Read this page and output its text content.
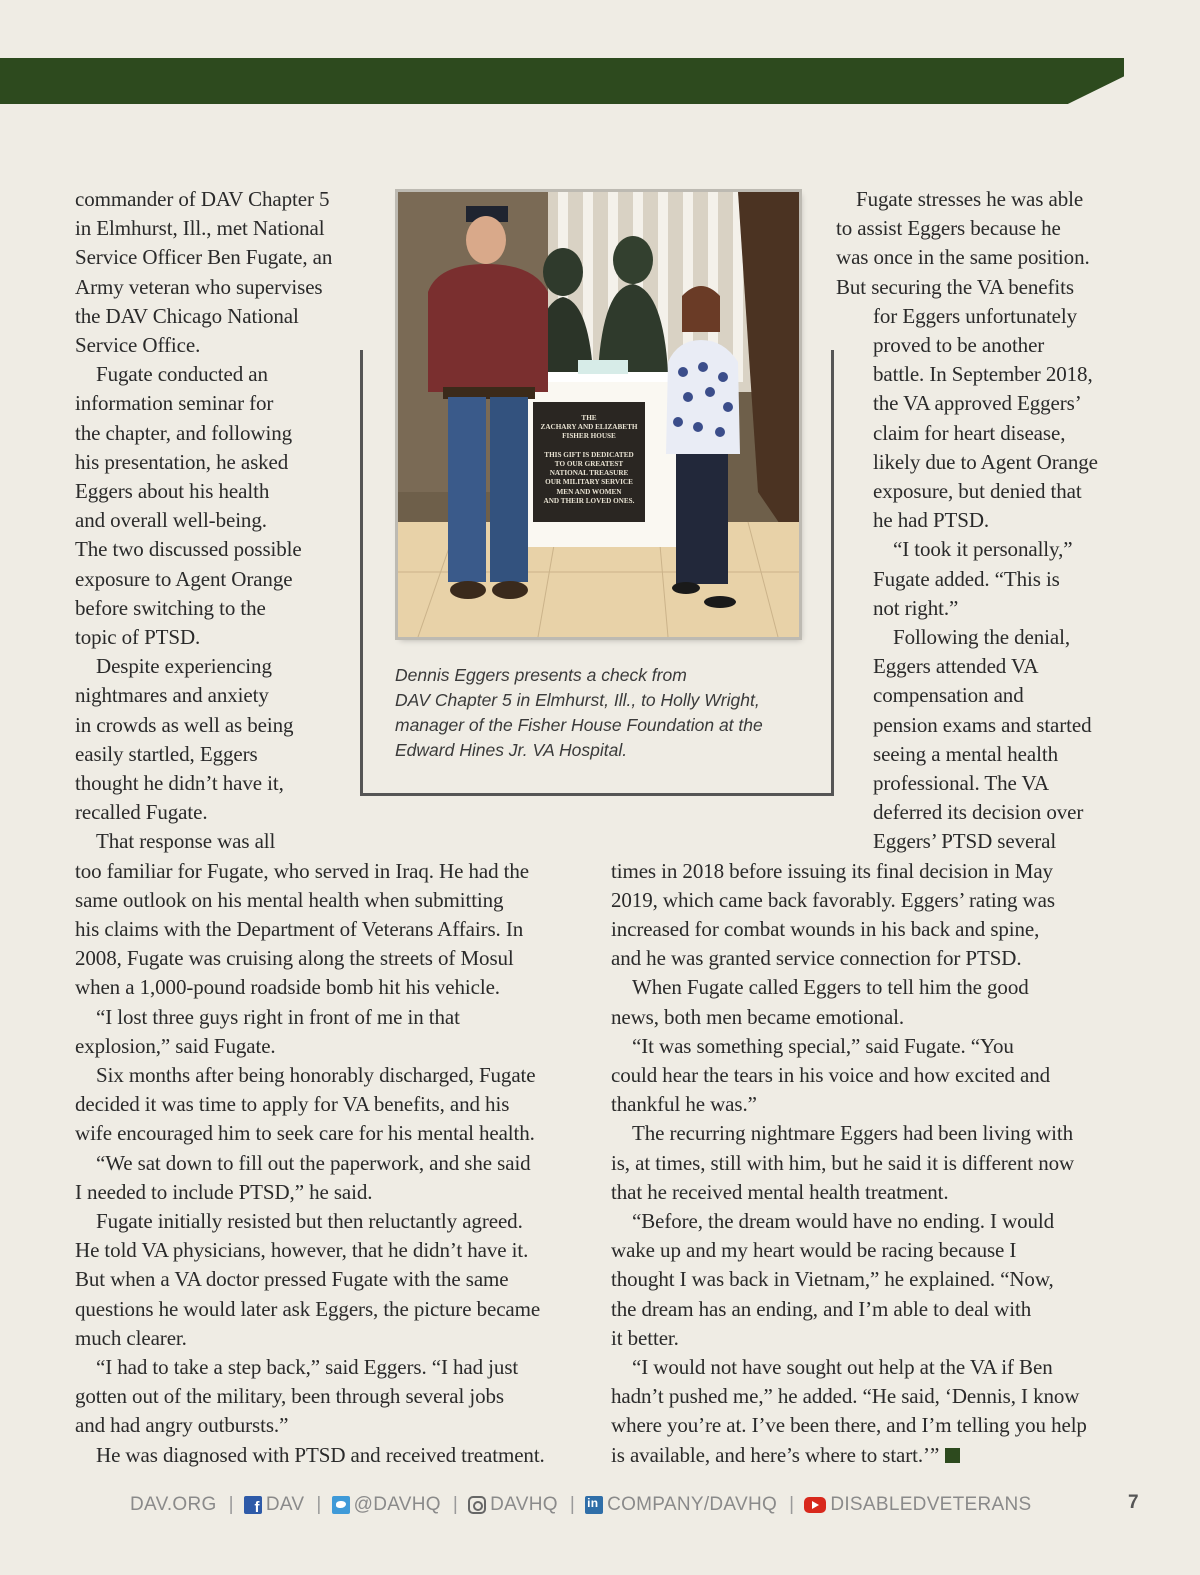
commander of DAV Chapter 5
in Elmhurst, Ill., met National
Service Officer Ben Fugate, an
Army veteran who supervises
the DAV Chicago National
Service Office.
Fugate conducted an
information seminar for
the chapter, and following
his presentation, he asked
Eggers about his health
and overall well-being.
The two discussed possible
exposure to Agent Orange
before switching to the
topic of PTSD.
Despite experiencing
nightmares and anxiety
in crowds as well as being
easily startled, Eggers
thought he didn’t have it,
recalled Fugate.
That response was all
too familiar for Fugate, who served in Iraq. He had the
same outlook on his mental health when submitting
his claims with the Department of Veterans Affairs. In
2008, Fugate was cruising along the streets of Mosul
when a 1,000-pound roadside bomb hit his vehicle.
“I lost three guys right in front of me in that
explosion,” said Fugate.
Six months after being honorably discharged, Fugate
decided it was time to apply for VA benefits, and his
wife encouraged him to seek care for his mental health.
“We sat down to fill out the paperwork, and she said
I needed to include PTSD,” he said.
Fugate initially resisted but then reluctantly agreed.
He told VA physicians, however, that he didn’t have it.
But when a VA doctor pressed Fugate with the same
questions he would later ask Eggers, the picture became
much clearer.
“I had to take a step back,” said Eggers. “I had just
gotten out of the military, been through several jobs
and had angry outbursts.”
He was diagnosed with PTSD and received treatment.
Fugate stresses he was able
to assist Eggers because he
was once in the same position.
But securing the VA benefits
for Eggers unfortunately
proved to be another
battle. In September 2018,
the VA approved Eggers’
claim for heart disease,
likely due to Agent Orange
exposure, but denied that
he had PTSD.
“I took it personally,”
Fugate added. “This is
not right.”
Following the denial,
Eggers attended VA
compensation and
pension exams and started
seeing a mental health
professional. The VA
deferred its decision over
Eggers’ PTSD several
times in 2018 before issuing its final decision in May
2019, which came back favorably. Eggers’ rating was
increased for combat wounds in his back and spine,
and he was granted service connection for PTSD.
When Fugate called Eggers to tell him the good
news, both men became emotional.
“It was something special,” said Fugate. “You
could hear the tears in his voice and how excited and
thankful he was.”
The recurring nightmare Eggers had been living with
is, at times, still with him, but he said it is different now
that he received mental health treatment.
“Before, the dream would have no ending. I would
wake up and my heart would be racing because I
thought I was back in Vietnam,” he explained. “Now,
the dream has an ending, and I’m able to deal with
it better.
“I would not have sought out help at the VA if Ben
hadn’t pushed me,” he added. “He said, ‘Dennis, I know
where you’re at. I’ve been there, and I’m telling you help
is available, and here’s where to start.’”
THE
ZACHARY AND ELIZABETH
FISHER HOUSE

THIS GIFT IS DEDICATED
TO OUR GREATEST
NATIONAL TREASURE
OUR MILITARY SERVICE
MEN AND WOMEN
AND THEIR LOVED ONES.
Dennis Eggers presents a check from
DAV Chapter 5 in Elmhurst, Ill., to Holly Wright,
manager of the Fisher House Foundation at the
Edward Hines Jr. VA Hospital.
DAV.ORG | f DAV | @DAVHQ | DAVHQ | in COMPANY/DAVHQ | DISABLEDVETERANS	7
